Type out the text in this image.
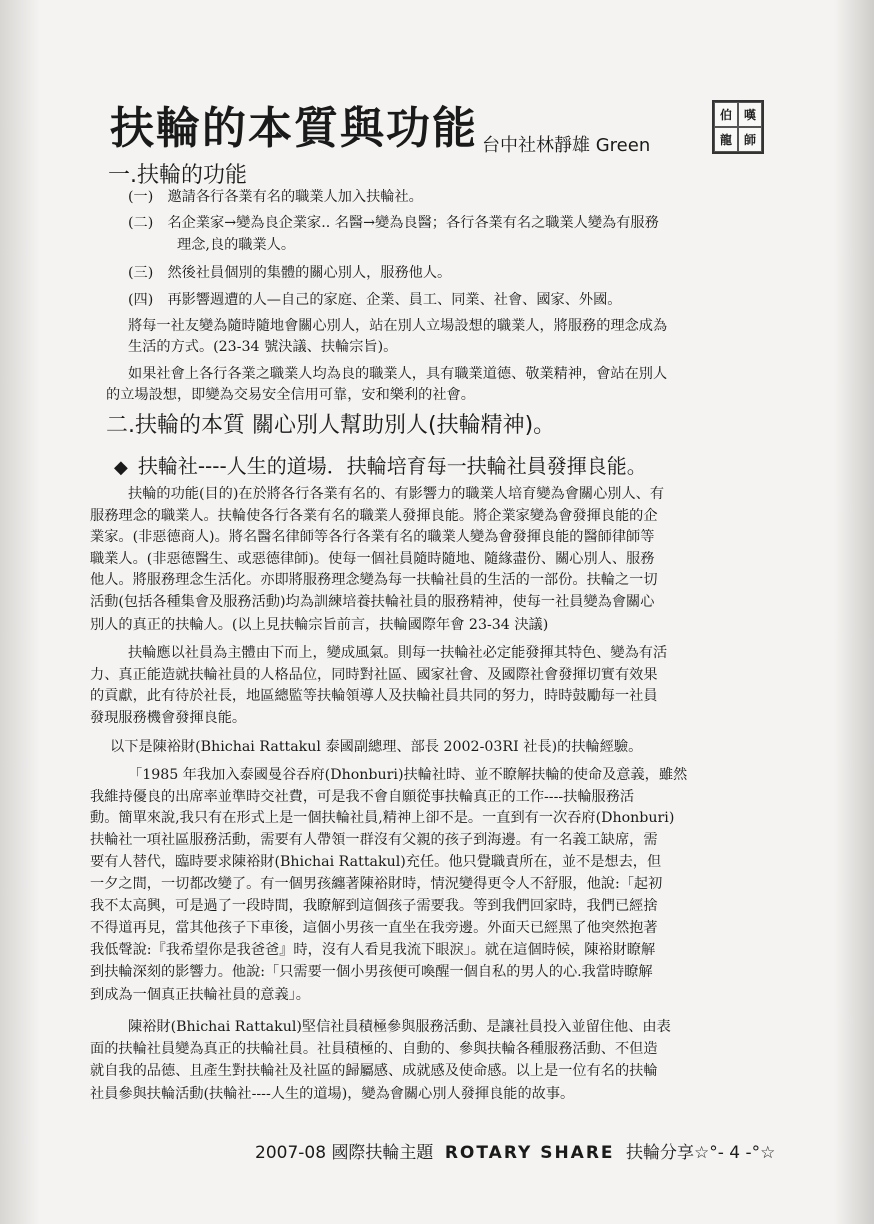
扶輪的本質與功能 台中社林靜雄 Green
伯 嘆
龍 師
一.扶輪的功能
(一)　邀請各行各業有名的職業人加入扶輪社。
(二)　名企業家→變為良企業家.. 名醫→變為良醫；各行各業有名之職業人變為有服務
理念,良的職業人。
(三)　然後社員個別的集體的關心別人，服務他人。
(四)　再影響週遭的人—自己的家庭、企業、員工、同業、社會、國家、外國。
將每一社友變為隨時隨地會關心別人，站在別人立場設想的職業人，將服務的理念成為
生活的方式。(23-34 號決議、扶輪宗旨)。
如果社會上各行各業之職業人均為良的職業人，具有職業道德、敬業精神，會站在別人
的立場設想，即變為交易安全信用可靠，安和樂利的社會。
二.扶輪的本質 關心別人幫助別人(扶輪精神)。
◆ 扶輪社----人生的道場．扶輪培育每一扶輪社員發揮良能。
扶輪的功能(目的)在於將各行各業有名的、有影響力的職業人培育變為會關心別人、有
服務理念的職業人。扶輪使各行各業有名的職業人發揮良能。將企業家變為會發揮良能的企
業家。(非惡德商人)。將名醫名律師等各行各業有名的職業人變為會發揮良能的醫師律師等
職業人。(非惡德醫生、或惡德律師)。使每一個社員隨時隨地、隨緣盡份、關心別人、服務
他人。將服務理念生活化。亦即將服務理念變為每一扶輪社員的生活的一部份。扶輪之一切
活動(包括各種集會及服務活動)均為訓練培養扶輪社員的服務精神，使每一社員變為會關心
別人的真正的扶輪人。(以上見扶輪宗旨前言，扶輪國際年會 23-34 決議)
扶輪應以社員為主體由下而上，變成風氣。則每一扶輪社必定能發揮其特色、變為有活
力、真正能造就扶輪社員的人格品位，同時對社區、國家社會、及國際社會發揮切實有效果
的貢獻，此有待於社長，地區總監等扶輪領導人及扶輪社員共同的努力，時時鼓勵每一社員
發現服務機會發揮良能。
以下是陳裕財(Bhichai Rattakul 泰國副總理、部長 2002-03RI 社長)的扶輪經驗。
「1985 年我加入泰國曼谷吞府(Dhonburi)扶輪社時、並不瞭解扶輪的使命及意義，雖然
我維持優良的出席率並準時交社費，可是我不會自願從事扶輪真正的工作----扶輪服務活
動。簡單來說,我只有在形式上是一個扶輪社員,精神上卻不是。一直到有一次吞府(Dhonburi)
扶輪社一項社區服務活動，需要有人帶領一群沒有父親的孩子到海邊。有一名義工缺席，需
要有人替代，臨時要求陳裕財(Bhichai Rattakul)充任。他只覺職責所在，並不是想去，但
一夕之間，一切都改變了。有一個男孩纏著陳裕財時，情況變得更令人不舒服，他說:「起初
我不太高興，可是過了一段時間，我瞭解到這個孩子需要我。等到我們回家時，我們已經捨
不得道再見，當其他孩子下車後，這個小男孩一直坐在我旁邊。外面天已經黑了他突然抱著
我低聲說:『我希望你是我爸爸』時，沒有人看見我流下眼淚」。就在這個時候，陳裕財瞭解
到扶輪深刻的影響力。他說:「只需要一個小男孩便可喚醒一個自私的男人的心.我當時瞭解
到成為一個真正扶輪社員的意義」。
陳裕財(Bhichai Rattakul)堅信社員積極參與服務活動、是讓社員投入並留住他、由表
面的扶輪社員變為真正的扶輪社員。社員積極的、自動的、參與扶輪各種服務活動、不但造
就自我的品德、且產生對扶輪社及社區的歸屬感、成就感及使命感。以上是一位有名的扶輪
社員參與扶輪活動(扶輪社----人生的道場)，變為會關心別人發揮良能的故事。
2007-08 國際扶輪主題 ROTARY SHARE 扶輪分享☆°- 4 -°☆
